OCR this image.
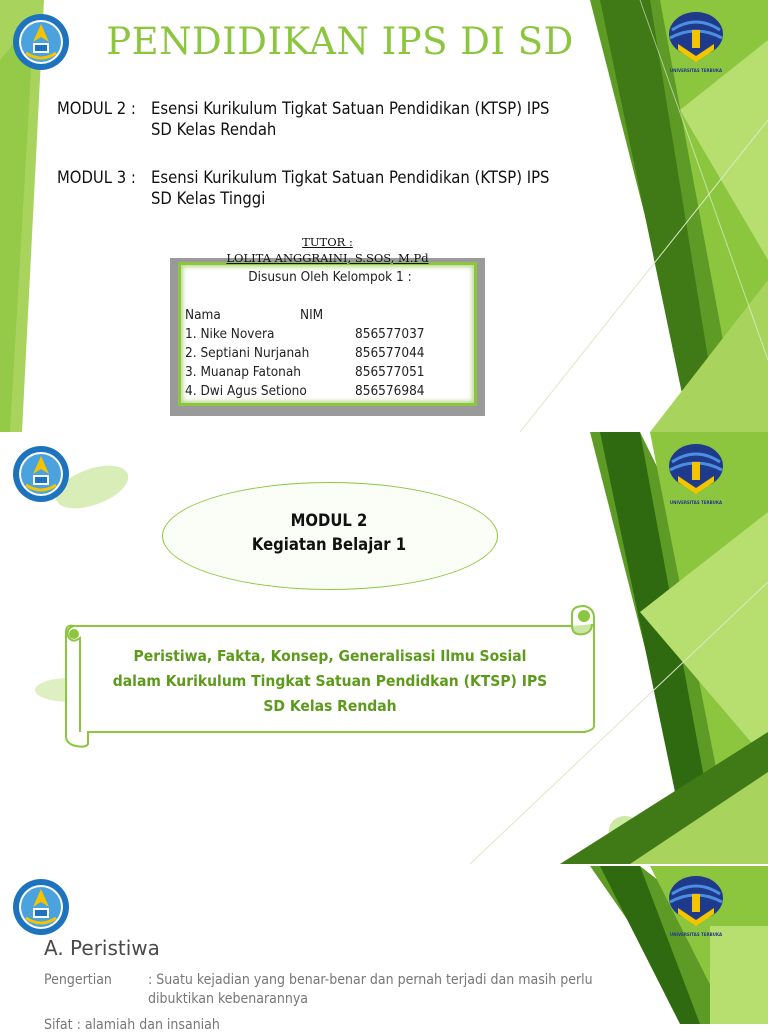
PENDIDIKAN IPS DI SD
UNIVERSITAS TERBUKA
MODUL 2 : Esensi Kurikulum Tigkat Satuan Pendidikan (KTSP) IPS
SD Kelas Rendah
MODUL 3 : Esensi Kurikulum Tigkat Satuan Pendidikan (KTSP) IPS
SD Kelas Tinggi
TUTOR :
LOLITA ANGGRAINI, S.SOS, M.Pd
Disusun Oleh Kelompok 1 :
Nama	NIM
1. Nike Novera	856577037
2. Septiani Nurjanah	856577044
3. Muanap Fatonah	856577051
4. Dwi Agus Setiono	856576984
UNIVERSITAS TERBUKA
MODUL 2
Kegiatan Belajar 1
Peristiwa, Fakta, Konsep, Generalisasi Ilmu Sosial
dalam Kurikulum Tingkat Satuan Pendidkan (KTSP) IPS
SD Kelas Rendah
UNIVERSITAS TERBUKA
A. Peristiwa
Pengertian	: Suatu kejadian yang benar-benar dan pernah terjadi dan masih perlu
dibuktikan kebenarannya
Sifat : alamiah dan insaniah
